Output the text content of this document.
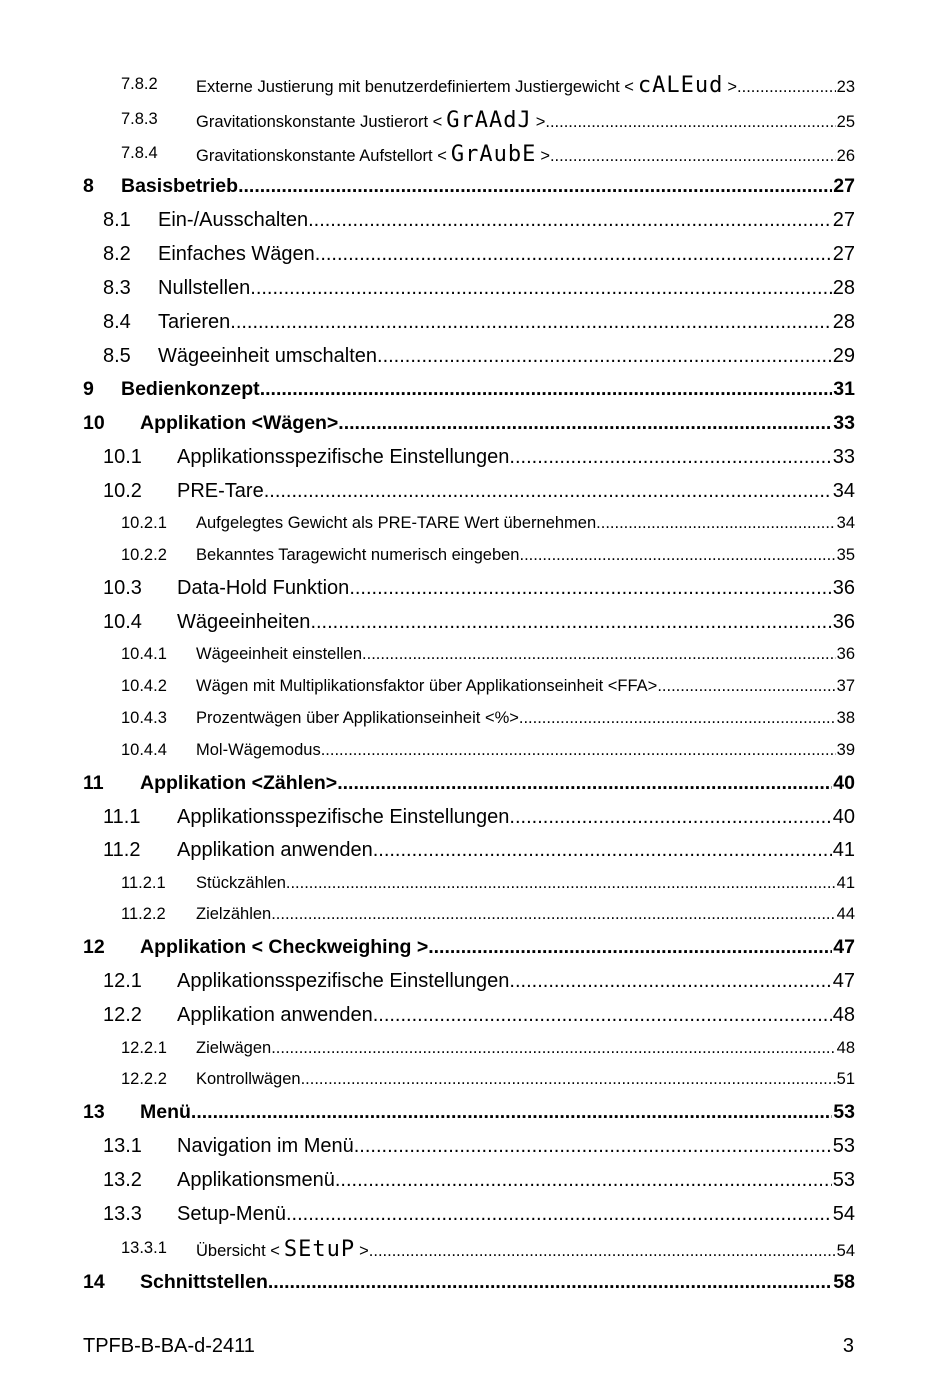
7.8.2 Externe Justierung mit benutzerdefiniertem Justiergewicht < cALEud > .....	23
7.8.3 Gravitationskonstante Justierort < GrAAdJ > .....	25
7.8.4 Gravitationskonstante Aufstellort < GrAubE > .....	26
8 Basisbetrieb .....	27
8.1 Ein-/Ausschalten .....	27
8.2 Einfaches Wägen .....	27
8.3 Nullstellen .....	28
8.4 Tarieren .....	28
8.5 Wägeeinheit umschalten .....	29
9 Bedienkonzept .....	31
10 Applikation <Wägen> .....	33
10.1 Applikationsspezifische Einstellungen .....	33
10.2 PRE-Tare .....	34
10.2.1 Aufgelegtes Gewicht als PRE-TARE Wert übernehmen .....	34
10.2.2 Bekanntes Taragewicht numerisch eingeben .....	35
10.3 Data-Hold Funktion .....	36
10.4 Wägeeinheiten .....	36
10.4.1 Wägeeinheit einstellen .....	36
10.4.2 Wägen mit Multiplikationsfaktor über Applikationseinheit <FFA> .....	37
10.4.3 Prozentwägen über Applikationseinheit <%> .....	38
10.4.4 Mol-Wägemodus .....	39
11 Applikation <Zählen> .....	40
11.1 Applikationsspezifische Einstellungen .....	40
11.2 Applikation anwenden .....	41
11.2.1 Stückzählen .....	41
11.2.2 Zielzählen .....	44
12 Applikation < Checkweighing > .....	47
12.1 Applikationsspezifische Einstellungen .....	47
12.2 Applikation anwenden .....	48
12.2.1 Zielwägen .....	48
12.2.2 Kontrollwägen .....	51
13 Menü .....	53
13.1 Navigation im Menü .....	53
13.2 Applikationsmenü .....	53
13.3 Setup-Menü .....	54
13.3.1 Übersicht < SEtuP > .....	54
14 Schnittstellen .....	58
TPFB-B-BA-d-2411	3
